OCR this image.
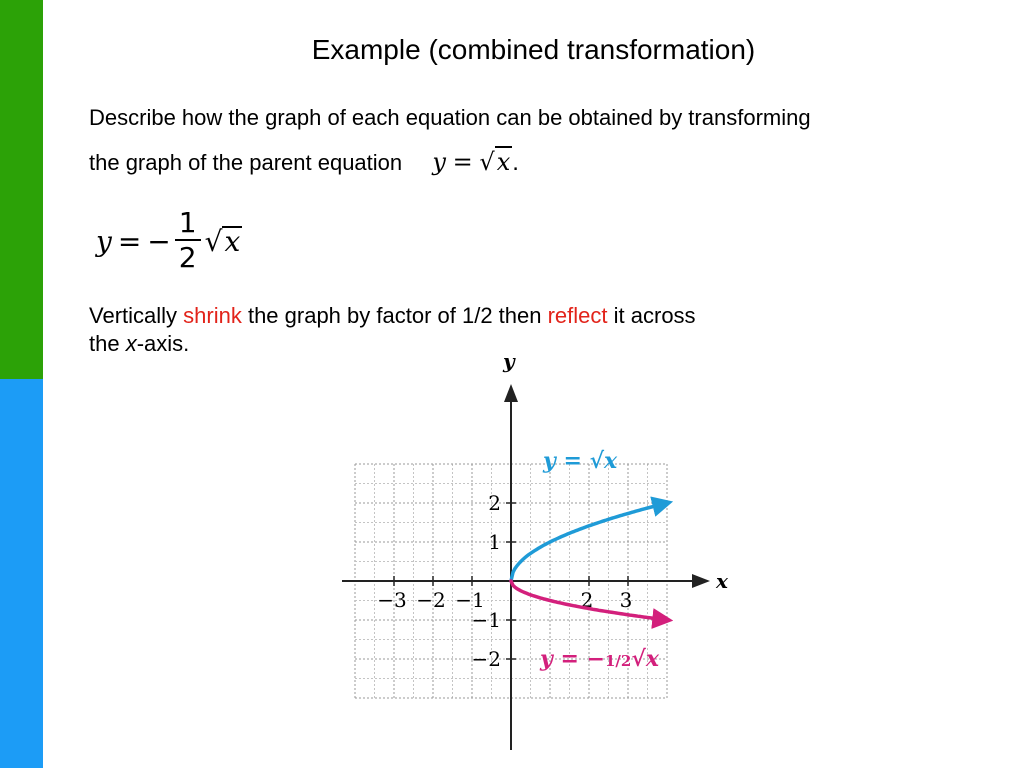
Example (combined transformation)
Describe how the graph of each equation can be obtained by transforming
the graph of the parent equation y = √x.
y = − $\frac{1}{2}$ √ x
Vertically shrink the graph by factor of 1/2 then reflect it across
the x-axis.
x
y
−3 −2 −1	2 3
2
1
−1
−2
y = √x
y = −1/2√x
